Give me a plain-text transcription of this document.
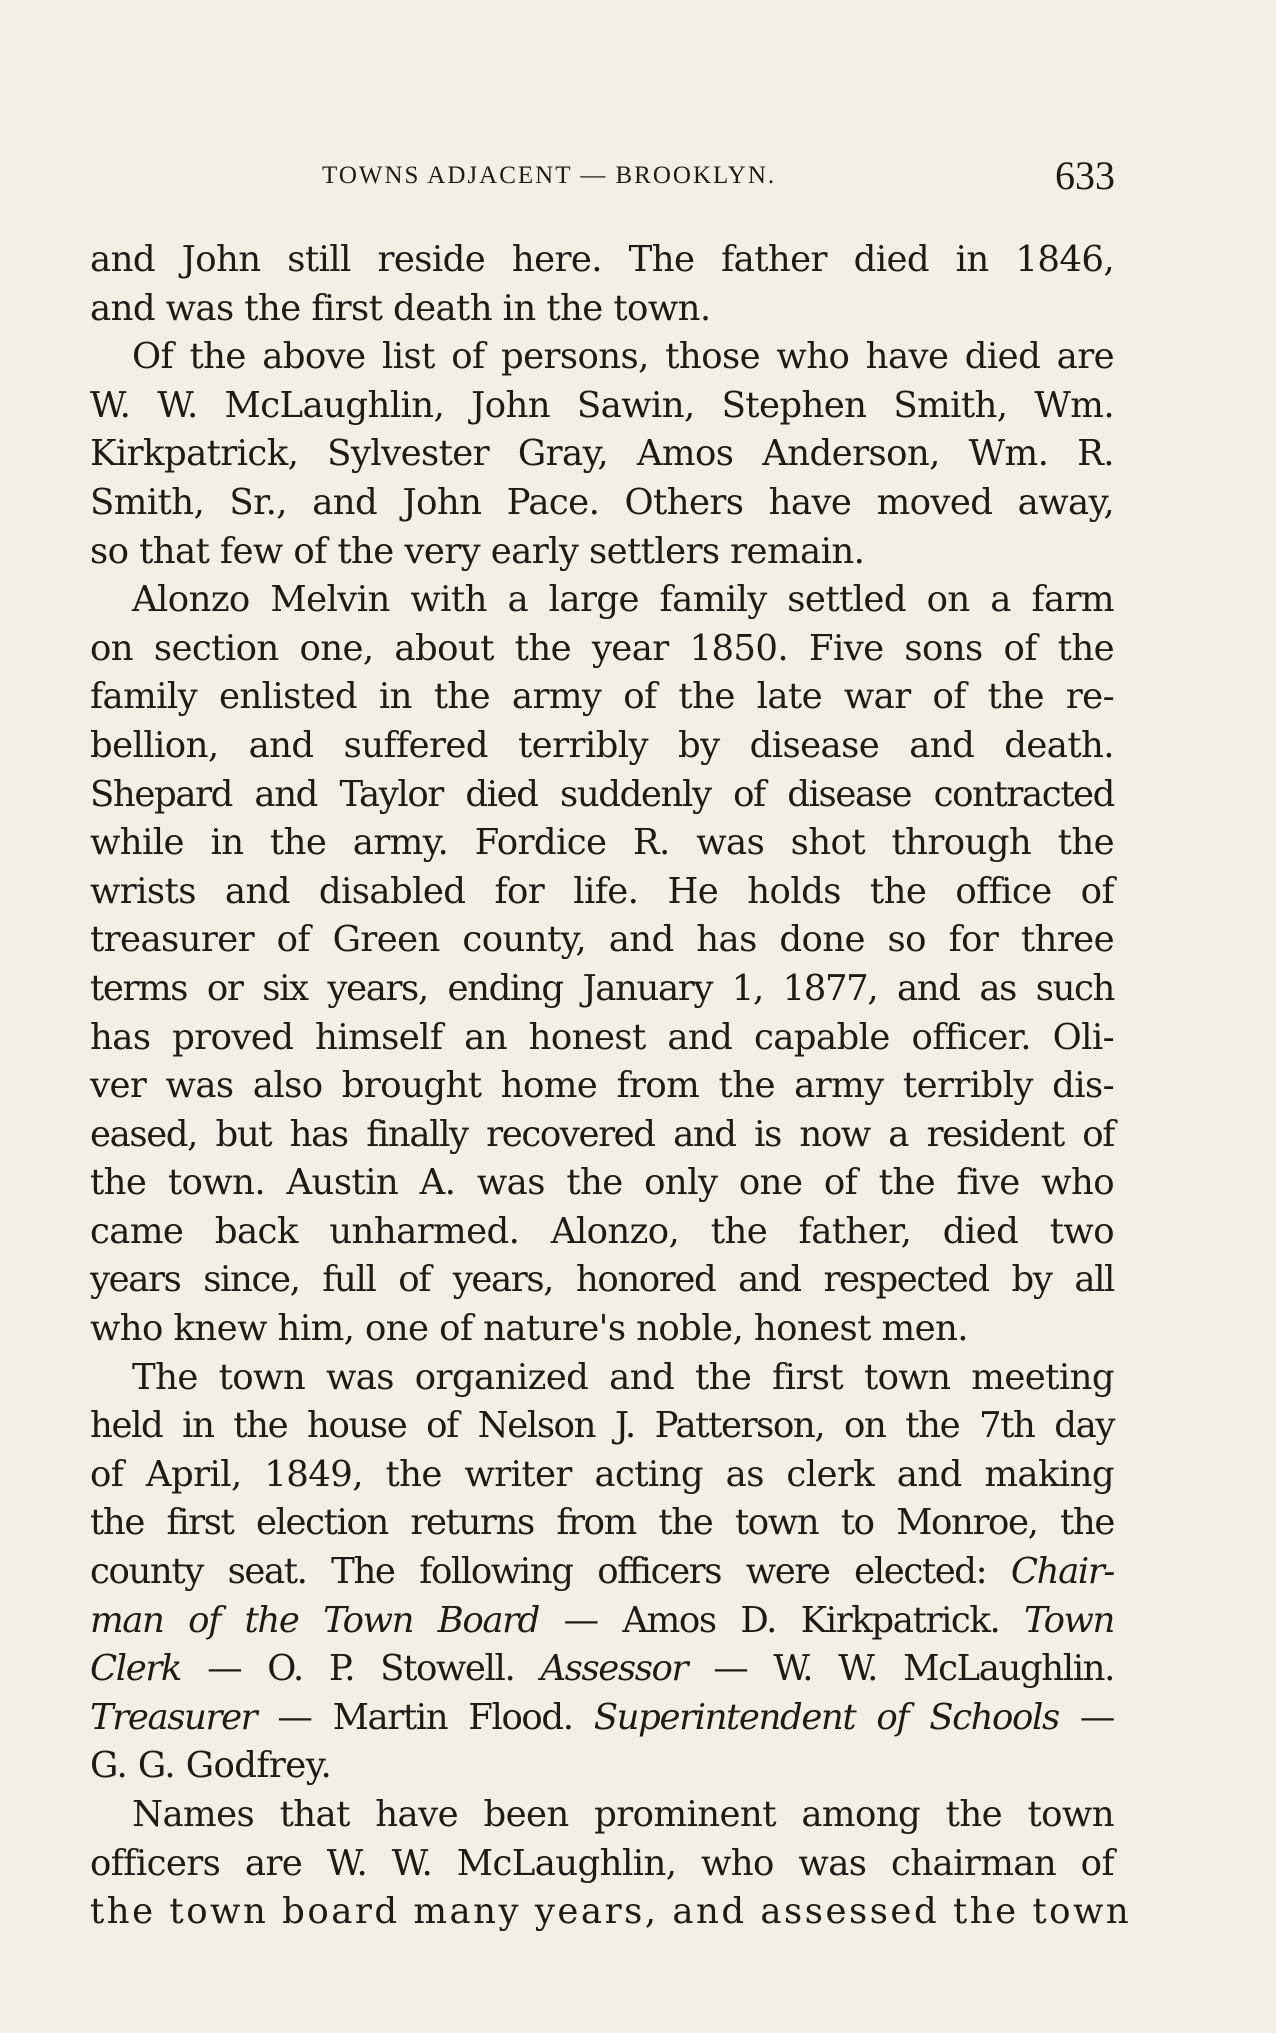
TOWNS ADJACENT — BROOKLYN.	633

and John still reside here. The father died in 1846,
and was the first death in the town.

Of the above list of persons, those who have died are
W. W. McLaughlin, John Sawin, Stephen Smith, Wm.
Kirkpatrick, Sylvester Gray, Amos Anderson, Wm. R.
Smith, Sr., and John Pace. Others have moved away,
so that few of the very early settlers remain.

Alonzo Melvin with a large family settled on a farm
on section one, about the year 1850. Five sons of the
family enlisted in the army of the late war of the re-
bellion, and suffered terribly by disease and death.
Shepard and Taylor died suddenly of disease contracted
while in the army. Fordice R. was shot through the
wrists and disabled for life. He holds the office of
treasurer of Green county, and has done so for three
terms or six years, ending January 1, 1877, and as such
has proved himself an honest and capable officer. Oli-
ver was also brought home from the army terribly dis-
eased, but has finally recovered and is now a resident of
the town. Austin A. was the only one of the five who
came back unharmed. Alonzo, the father, died two
years since, full of years, honored and respected by all
who knew him, one of nature's noble, honest men.

The town was organized and the first town meeting
held in the house of Nelson J. Patterson, on the 7th day
of April, 1849, the writer acting as clerk and making
the first election returns from the town to Monroe, the
county seat. The following officers were elected: Chair-
man of the Town Board — Amos D. Kirkpatrick. Town
Clerk — O. P. Stowell. Assessor — W. W. McLaughlin.
Treasurer — Martin Flood. Superintendent of Schools —
G. G. Godfrey.

Names that have been prominent among the town
officers are W. W. McLaughlin, who was chairman of
the town board many years, and assessed the town
